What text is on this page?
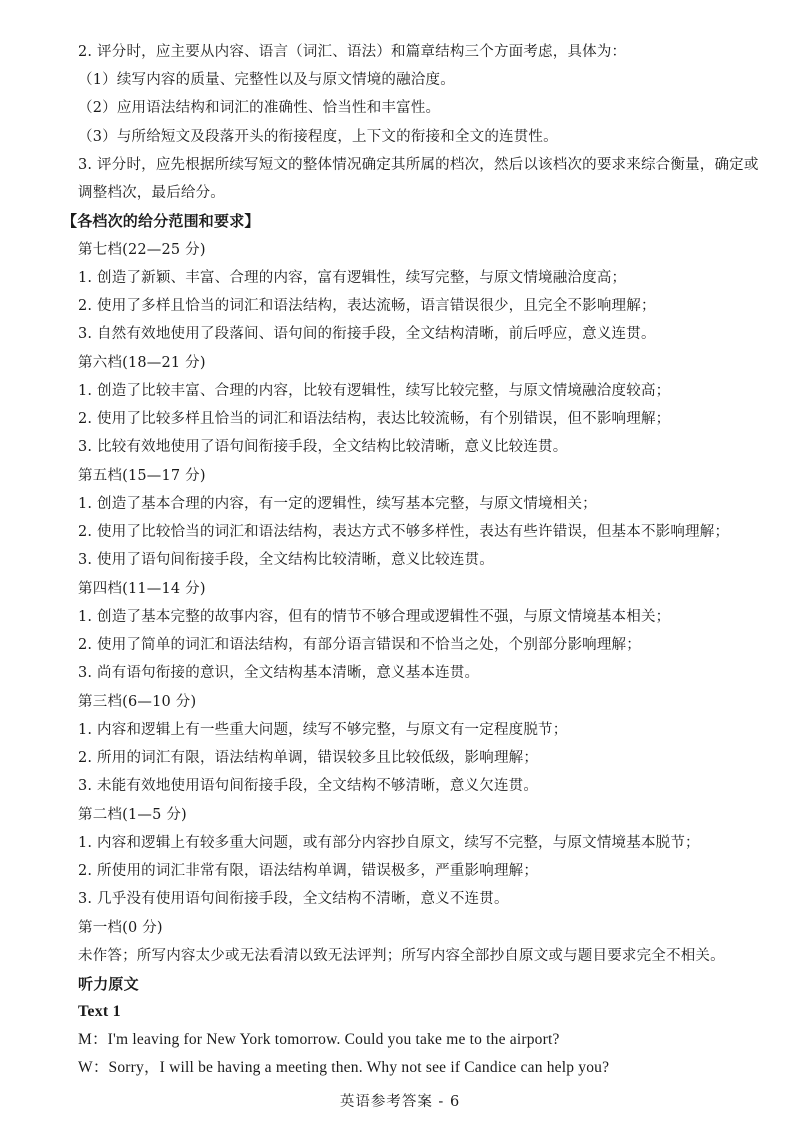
2. 评分时，应主要从内容、语言（词汇、语法）和篇章结构三个方面考虑，具体为：
（1）续写内容的质量、完整性以及与原文情境的融洽度。
（2）应用语法结构和词汇的准确性、恰当性和丰富性。
（3）与所给短文及段落开头的衔接程度，上下文的衔接和全文的连贯性。
3. 评分时，应先根据所续写短文的整体情况确定其所属的档次，然后以该档次的要求来综合衡量，确定或
调整档次，最后给分。
【各档次的给分范围和要求】
第七档(22—25 分)
1. 创造了新颖、丰富、合理的内容，富有逻辑性，续写完整，与原文情境融洽度高；
2. 使用了多样且恰当的词汇和语法结构，表达流畅，语言错误很少，且完全不影响理解；
3. 自然有效地使用了段落间、语句间的衔接手段，全文结构清晰，前后呼应，意义连贯。
第六档(18—21 分)
1. 创造了比较丰富、合理的内容，比较有逻辑性，续写比较完整，与原文情境融洽度较高；
2. 使用了比较多样且恰当的词汇和语法结构，表达比较流畅，有个别错误，但不影响理解；
3. 比较有效地使用了语句间衔接手段，全文结构比较清晰，意义比较连贯。
第五档(15—17 分)
1. 创造了基本合理的内容，有一定的逻辑性，续写基本完整，与原文情境相关；
2. 使用了比较恰当的词汇和语法结构，表达方式不够多样性，表达有些许错误，但基本不影响理解；
3. 使用了语句间衔接手段，全文结构比较清晰，意义比较连贯。
第四档(11—14 分)
1. 创造了基本完整的故事内容，但有的情节不够合理或逻辑性不强，与原文情境基本相关；
2. 使用了简单的词汇和语法结构，有部分语言错误和不恰当之处，个别部分影响理解；
3. 尚有语句衔接的意识，全文结构基本清晰，意义基本连贯。
第三档(6—10 分)
1. 内容和逻辑上有一些重大问题，续写不够完整，与原文有一定程度脱节；
2. 所用的词汇有限，语法结构单调，错误较多且比较低级，影响理解；
3. 未能有效地使用语句间衔接手段，全文结构不够清晰，意义欠连贯。
第二档(1—5 分)
1. 内容和逻辑上有较多重大问题，或有部分内容抄自原文，续写不完整，与原文情境基本脱节；
2. 所使用的词汇非常有限，语法结构单调，错误极多，严重影响理解；
3. 几乎没有使用语句间衔接手段，全文结构不清晰，意义不连贯。
第一档(0 分)
未作答；所写内容太少或无法看清以致无法评判；所写内容全部抄自原文或与题目要求完全不相关。
听力原文
Text 1
M：I'm leaving for New York tomorrow. Could you take me to the airport?
W：Sorry，I will be having a meeting then. Why not see if Candice can help you?
英语参考答案 - 6
